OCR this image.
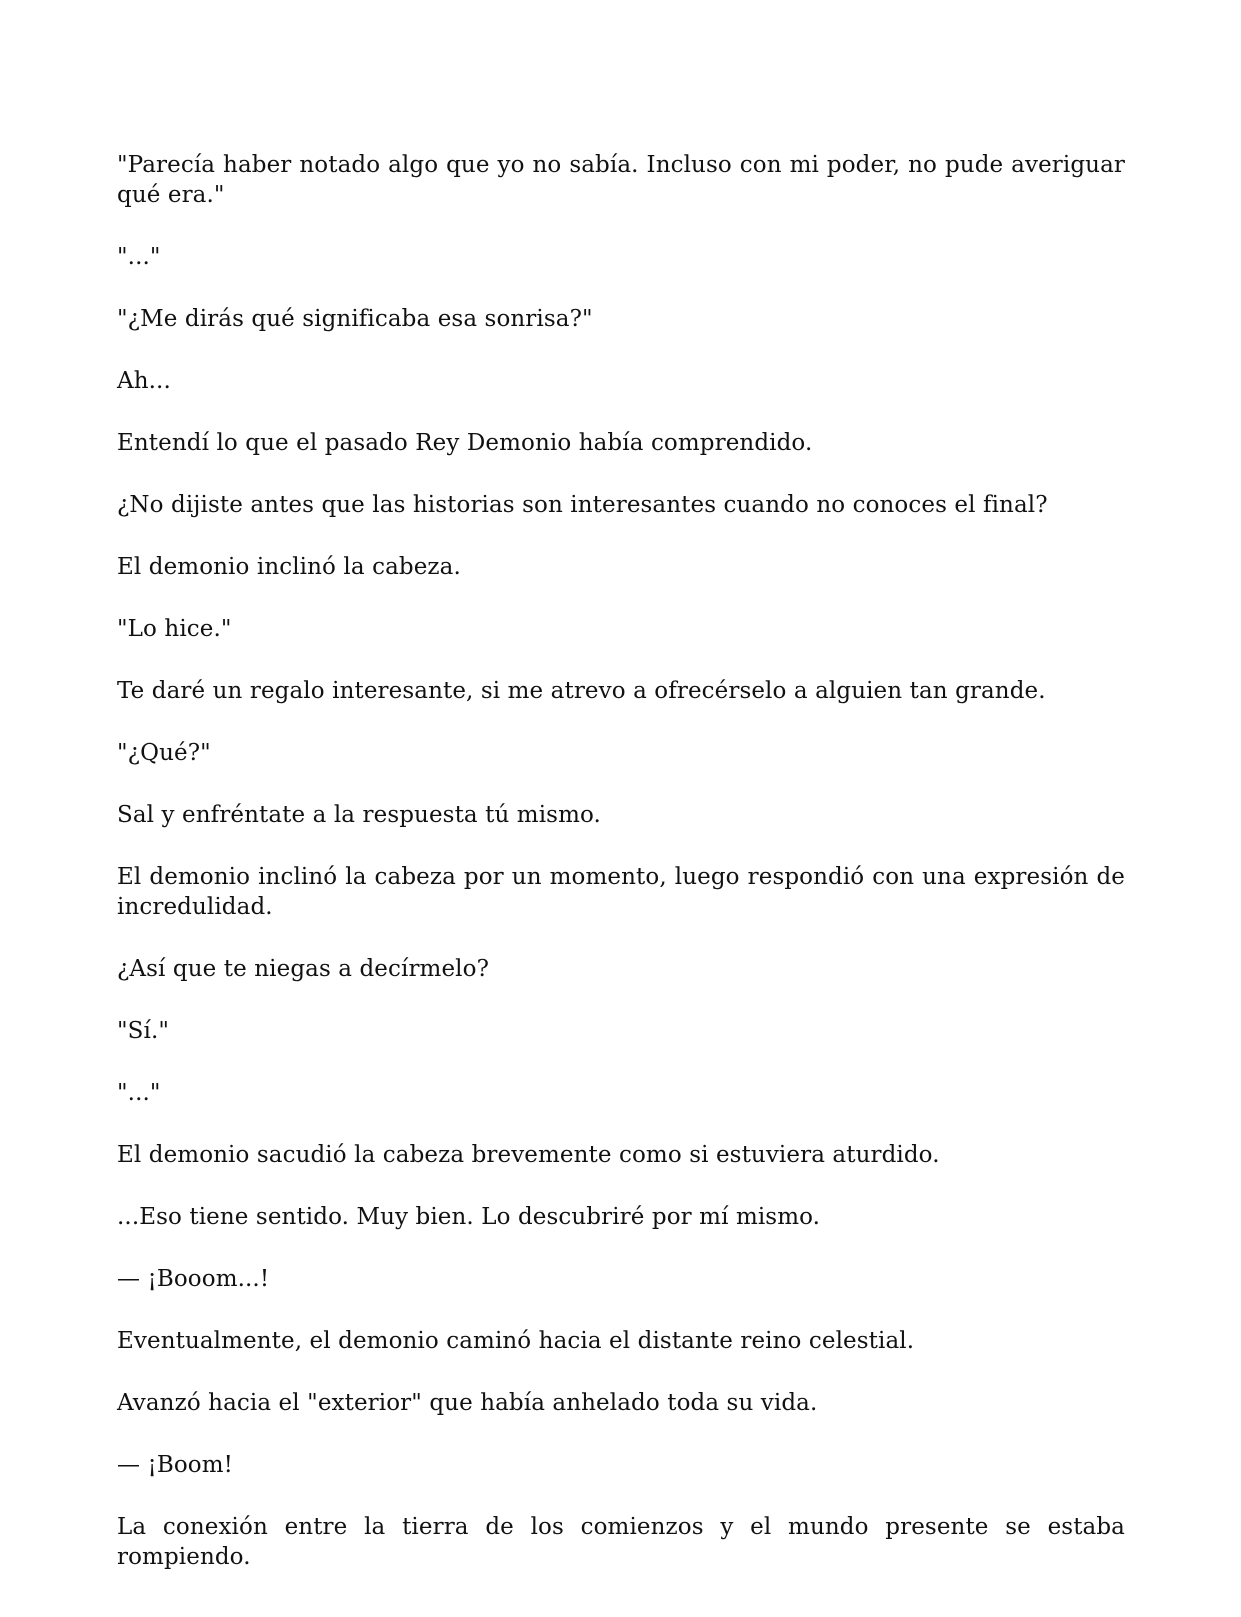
"Parecía haber notado algo que yo no sabía. Incluso con mi poder, no pude averiguar qué era."

"..."

"¿Me dirás qué significaba esa sonrisa?"

Ah...

Entendí lo que el pasado Rey Demonio había comprendido.

¿No dijiste antes que las historias son interesantes cuando no conoces el final?

El demonio inclinó la cabeza.

"Lo hice."

Te daré un regalo interesante, si me atrevo a ofrecérselo a alguien tan grande.

"¿Qué?"

Sal y enfréntate a la respuesta tú mismo.

El demonio inclinó la cabeza por un momento, luego respondió con una expresión de incredulidad.

¿Así que te niegas a decírmelo?

"Sí."

"..."

El demonio sacudió la cabeza brevemente como si estuviera aturdido.

...Eso tiene sentido. Muy bien. Lo descubriré por mí mismo.

— ¡Booom...!

Eventualmente, el demonio caminó hacia el distante reino celestial.

Avanzó hacia el "exterior" que había anhelado toda su vida.

— ¡Boom!

La conexión entre la tierra de los comienzos y el mundo presente se estaba rompiendo.
